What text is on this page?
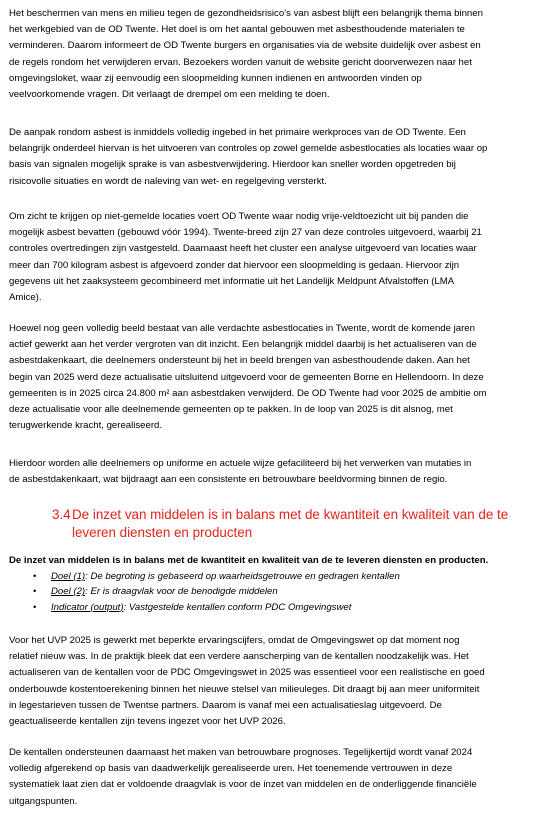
Het beschermen van mens en milieu tegen de gezondheidsrisico’s van asbest blijft een belangrijk thema binnen
het werkgebied van de OD Twente. Het doel is om het aantal gebouwen met asbesthoudende materialen te
verminderen. Daarom informeert de OD Twente burgers en organisaties via de website duidelijk over asbest en
de regels rondom het verwijderen ervan. Bezoekers worden vanuit de website gericht doorverwezen naar het
omgevingsloket, waar zij eenvoudig een sloopmelding kunnen indienen en antwoorden vinden op
veelvoorkomende vragen. Dit verlaagt de drempel om een melding te doen.

De aanpak rondom asbest is inmiddels volledig ingebed in het primaire werkproces van de OD Twente. Een
belangrijk onderdeel hiervan is het uitvoeren van controles op zowel gemelde asbestlocaties als locaties waar op
basis van signalen mogelijk sprake is van asbestverwijdering. Hierdoor kan sneller worden opgetreden bij
risicovolle situaties en wordt de naleving van wet- en regelgeving versterkt.

Om zicht te krijgen op niet-gemelde locaties voert OD Twente waar nodig vrije-veldtoezicht uit bij panden die
mogelijk asbest bevatten (gebouwd vóór 1994). Twente-breed zijn 27 van deze controles uitgevoerd, waarbij 21
controles overtredingen zijn vastgesteld. Daarnaast heeft het cluster een analyse uitgevoerd van locaties waar
meer dan 700 kilogram asbest is afgevoerd zonder dat hiervoor een sloopmelding is gedaan. Hiervoor zijn
gegevens uit het zaaksysteem gecombineerd met informatie uit het Landelijk Meldpunt Afvalstoffen (LMA
Amice).

Hoewel nog geen volledig beeld bestaat van alle verdachte asbestlocaties in Twente, wordt de komende jaren
actief gewerkt aan het verder vergroten van dit inzicht. Een belangrijk middel daarbij is het actualiseren van de
asbestdakenkaart, die deelnemers ondersteunt bij het in beeld brengen van asbesthoudende daken. Aan het
begin van 2025 werd deze actualisatie uitsluitend uitgevoerd voor de gemeenten Borne en Hellendoorn. In deze
gemeenten is in 2025 circa 24.800 m² aan asbestdaken verwijderd. De OD Twente had voor 2025 de ambitie om
deze actualisatie voor alle deelnemende gemeenten op te pakken. In de loop van 2025 is dit alsnog, met
terugwerkende kracht, gerealiseerd.

Hierdoor worden alle deelnemers op uniforme en actuele wijze gefaciliteerd bij het verwerken van mutaties in
de asbestdakenkaart, wat bijdraagt aan een consistente en betrouwbare beeldvorming binnen de regio.

3.4De inzet van middelen is in balans met de kwantiteit en kwaliteit van de te
leveren diensten en producten

De inzet van middelen is in balans met de kwantiteit en kwaliteit van de te leveren diensten en producten.

• Doel (1): De begroting is gebaseerd op waarheidsgetrouwe en gedragen kentallen
• Doel (2): Er is draagvlak voor de benodigde middelen
• Indicator (output): Vastgestelde kentallen conform PDC Omgevingswet

Voor het UVP 2025 is gewerkt met beperkte ervaringscijfers, omdat de Omgevingswet op dat moment nog
relatief nieuw was. In de praktijk bleek dat een verdere aanscherping van de kentallen noodzakelijk was. Het
actualiseren van de kentallen voor de PDC Omgevingswet in 2025 was essentieel voor een realistische en goed
onderbouwde kostentoerekening binnen het nieuwe stelsel van milieuleges. Dit draagt bij aan meer uniformiteit
in legestarieven tussen de Twentse partners. Daarom is vanaf mei een actualisatieslag uitgevoerd. De
geactualiseerde kentallen zijn tevens ingezet voor het UVP 2026.

De kentallen ondersteunen daarnaast het maken van betrouwbare prognoses. Tegelijkertijd wordt vanaf 2024
volledig afgerekend op basis van daadwerkelijk gerealiseerde uren. Het toenemende vertrouwen in deze
systematiek laat zien dat er voldoende draagvlak is voor de inzet van middelen en de onderliggende financiële
uitgangspunten.
